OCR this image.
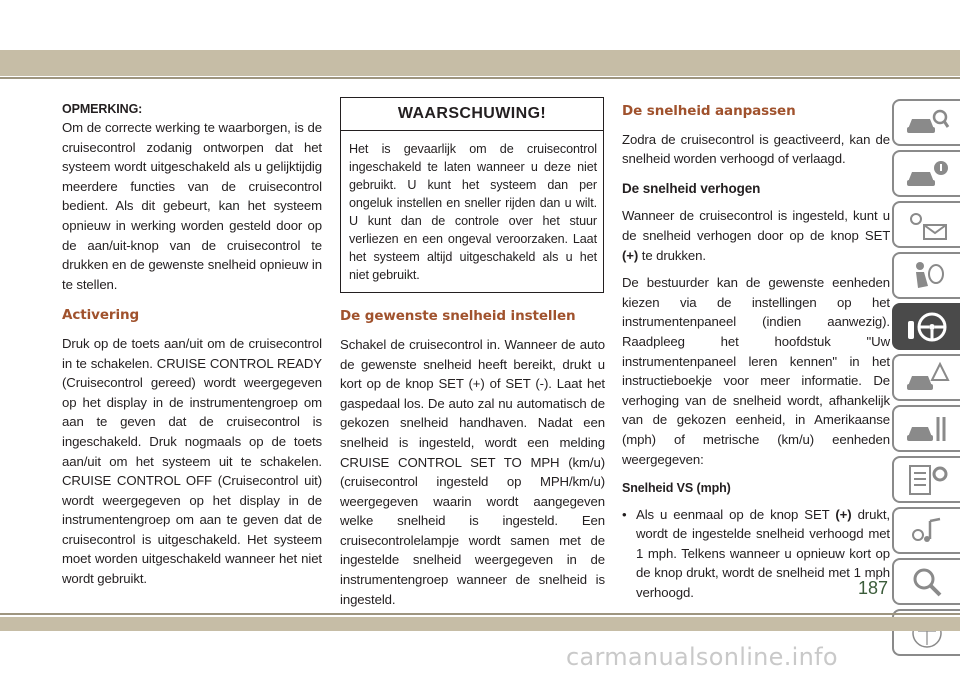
OPMERKING:

Om de correcte werking te waarborgen, is de cruisecontrol zodanig ontworpen dat het systeem wordt uitgeschakeld als u gelijktijdig meerdere functies van de cruisecontrol bedient. Als dit gebeurt, kan het systeem opnieuw in werking worden gesteld door op de aan/uit-knop van de cruisecontrol te drukken en de gewenste snelheid opnieuw in te stellen.

Activering

Druk op de toets aan/uit om de cruisecontrol in te schakelen. CRUISE CONTROL READY (Cruisecontrol gereed) wordt weergegeven op het display in de instrumentengroep om aan te geven dat de cruisecontrol is ingeschakeld. Druk nogmaals op de toets aan/uit om het systeem uit te schakelen. CRUISE CONTROL OFF (Cruisecontrol uit) wordt weergegeven op het display in de instrumentengroep om aan te geven dat de cruisecontrol is uitgeschakeld. Het systeem moet worden uitgeschakeld wanneer het niet wordt gebruikt.

WAARSCHUWING!
Het is gevaarlijk om de cruisecontrol ingeschakeld te laten wanneer u deze niet gebruikt. U kunt het systeem dan per ongeluk instellen en sneller rijden dan u wilt. U kunt dan de controle over het stuur verliezen en een ongeval veroorzaken. Laat het systeem altijd uitgeschakeld als u het niet gebruikt.
De gewenste snelheid instellen

Schakel de cruisecontrol in. Wanneer de auto de gewenste snelheid heeft bereikt, drukt u kort op de knop SET (+) of SET (-). Laat het gaspedaal los. De auto zal nu automatisch de gekozen snelheid handhaven. Nadat een snelheid is ingesteld, wordt een melding CRUISE CONTROL SET TO MPH (km/u) (cruisecontrol ingesteld op MPH/km/u) weergegeven waarin wordt aangegeven welke snelheid is ingesteld. Een cruisecontrolelampje wordt samen met de ingestelde snelheid weergegeven in de instrumentengroep wanneer de snelheid is ingesteld.

De snelheid aanpassen

Zodra de cruisecontrol is geactiveerd, kan de snelheid worden verhoogd of verlaagd.

De snelheid verhogen

Wanneer de cruisecontrol is ingesteld, kunt u de snelheid verhogen door op de knop SET (+) te drukken.

De bestuurder kan de gewenste eenheden kiezen via de instellingen op het instrumentenpaneel (indien aanwezig). Raadpleeg het hoofdstuk "Uw instrumentenpaneel leren kennen" in het instructieboekje voor meer informatie. De verhoging van de snelheid wordt, afhankelijk van de gekozen eenheid, in Amerikaanse (mph) of metrische (km/u) eenheden weergegeven:

Snelheid VS (mph)

• Als u eenmaal op de knop SET (+) drukt, wordt de ingestelde snelheid verhoogd met 1 mph. Telkens wanneer u opnieuw kort op de knop drukt, wordt de snelheid met 1 mph verhoogd.	187
carmanualsonline.info
